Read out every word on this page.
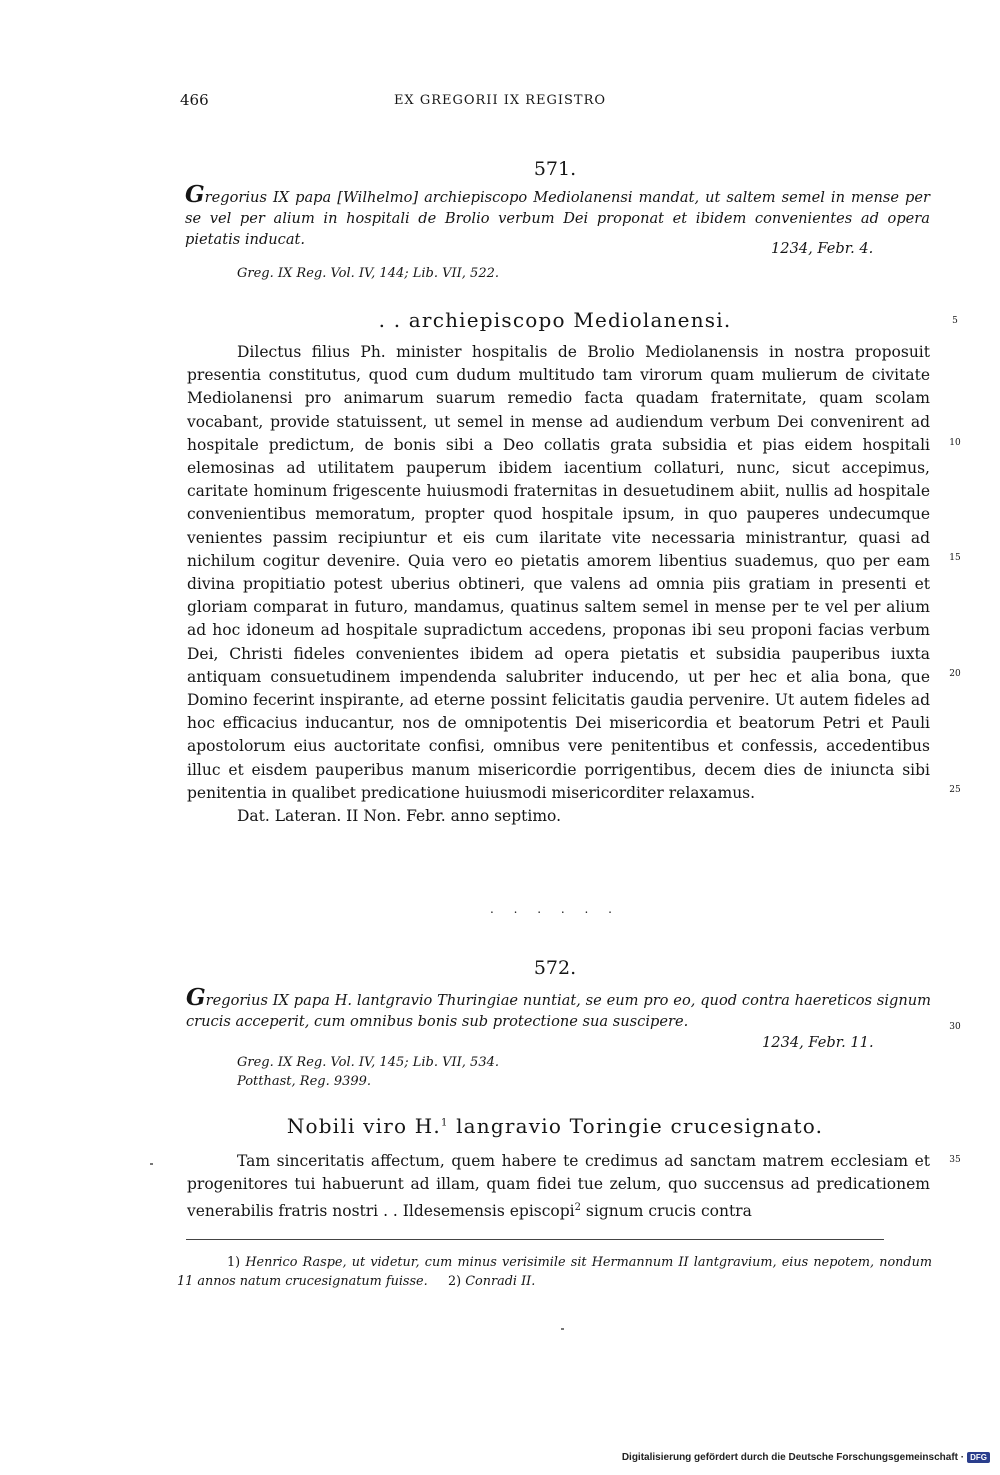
466	EX GREGORII IX REGISTRO
571.
Gregorius IX papa [Wilhelmo] archiepiscopo Mediolanensi mandat, ut saltem semel in mense per se vel per alium in hospitali de Brolio verbum Dei proponat et ibidem convenientes ad opera pietatis inducat.
1234, Febr. 4.
Greg. IX Reg. Vol. IV, 144; Lib. VII, 522.
. . archiepiscopo Mediolanensi.

Dilectus filius Ph. minister hospitalis de Brolio Mediolanensis in nostra proposuit presentia constitutus, quod cum dudum multitudo tam virorum quam mulierum de civitate Mediolanensi pro animarum suarum remedio facta quadam fraternitate, quam scolam vocabant, provide statuissent, ut semel in mense ad audiendum verbum Dei convenirent ad hospitale predictum, de bonis sibi a Deo collatis grata subsidia et pias eidem hospitali elemosinas ad utilitatem pauperum ibidem iacentium collaturi, nunc, sicut accepimus, caritate hominum frigescente huiusmodi fraternitas in desuetudinem abiit, nullis ad hospitale convenientibus memoratum, propter quod hospitale ipsum, in quo pauperes undecumque venientes passim recipiuntur et eis cum ilaritate vite necessaria ministrantur, quasi ad nichilum cogitur devenire. Quia vero eo pietatis amorem libentius suademus, quo per eam divina propitiatio potest uberius obtineri, que valens ad omnia piis gratiam in presenti et gloriam comparat in futuro, mandamus, quatinus saltem semel in mense per te vel per alium ad hoc idoneum ad hospitale supradictum accedens, proponas ibi seu proponi facias verbum Dei, Christi fideles convenientes ibidem ad opera pietatis et subsidia pauperibus iuxta antiquam consuetudinem impendenda salubriter inducendo, ut per hec et alia bona, que Domino fecerint inspirante, ad eterne possint felicitatis gaudia pervenire. Ut autem fideles ad hoc efficacius inducantur, nos de omnipotentis Dei misericordia et beatorum Petri et Pauli apostolorum eius auctoritate confisi, omnibus vere penitentibus et confessis, accedentibus illuc et eisdem pauperibus manum misericordie porrigentibus, decem dies de iniuncta sibi penitentia in qualibet predicatione huiusmodi misericorditer relaxamus.

Dat. Lateran. II Non. Febr. anno septimo.

5
10
15
20
25
30
35
. . . . . .
572.
Gregorius IX papa H. lantgravio Thuringiae nuntiat, se eum pro eo, quod contra haereticos signum crucis acceperit, cum omnibus bonis sub protectione sua suscipere.
1234, Febr. 11.
Greg. IX Reg. Vol. IV, 145; Lib. VII, 534.
Potthast, Reg. 9399.
Nobili viro H.$^1$ langravio Toringie crucesignato.

Tam sinceritatis affectum, quem habere te credimus ad sanctam matrem ecclesiam et progenitores tui habuerunt ad illam, quam fidei tue zelum, quo succensus ad predicationem venerabilis fratris nostri . . Ildesemensis episcopi$^2$ signum crucis contra

1) Henrico Raspe, ut videtur, cum minus verisimile sit Hermannum II lantgravium, eius nepotem, nondum 11 annos natum crucesignatum fuisse. 2) Conradi II.
Digitalisierung gefördert durch die Deutsche Forschungsgemeinschaft · DFG
